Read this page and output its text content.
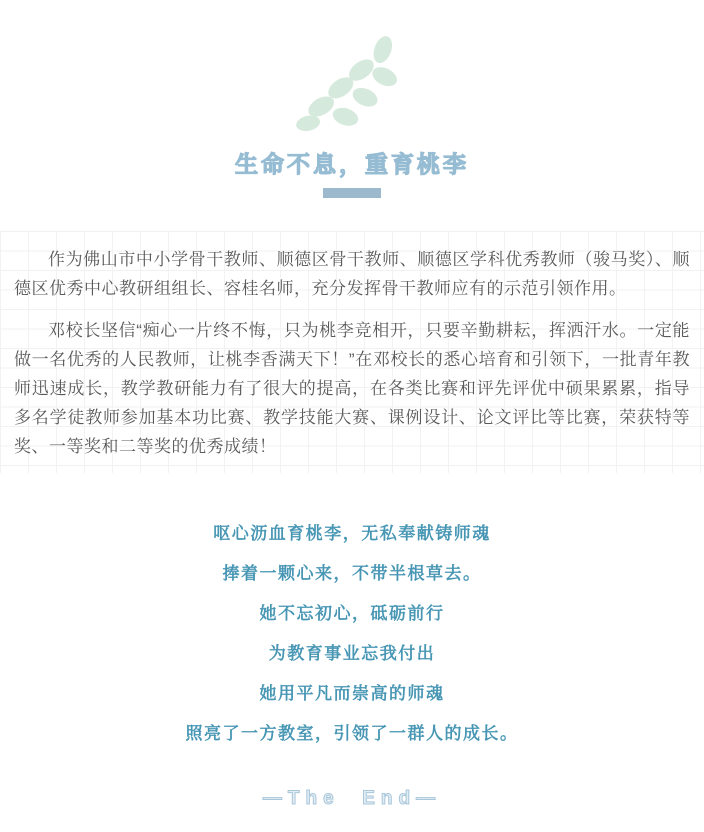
生命不息，重育桃李

作为佛山市中小学骨干教师、顺德区骨干教师、顺德区学科优秀教师（骏马奖）、顺德区优秀中心教研组组长、容桂名师，充分发挥骨干教师应有的示范引领作用。

邓校长坚信“痴心一片终不悔，只为桃李竞相开，只要辛勤耕耘，挥洒汗水。一定能做一名优秀的人民教师，让桃李香满天下！”在邓校长的悉心培育和引领下，一批青年教师迅速成长，教学教研能力有了很大的提高，在各类比赛和评先评优中硕果累累，指导多名学徒教师参加基本功比赛、教学技能大赛、课例设计、论文评比等比赛，荣获特等奖、一等奖和二等奖的优秀成绩！

呕心沥血育桃李，无私奉献铸师魂
捧着一颗心来，不带半根草去。
她不忘初心，砥砺前行
为教育事业忘我付出
她用平凡而崇高的师魂
照亮了一方教室，引领了一群人的成长。
—The  End—
